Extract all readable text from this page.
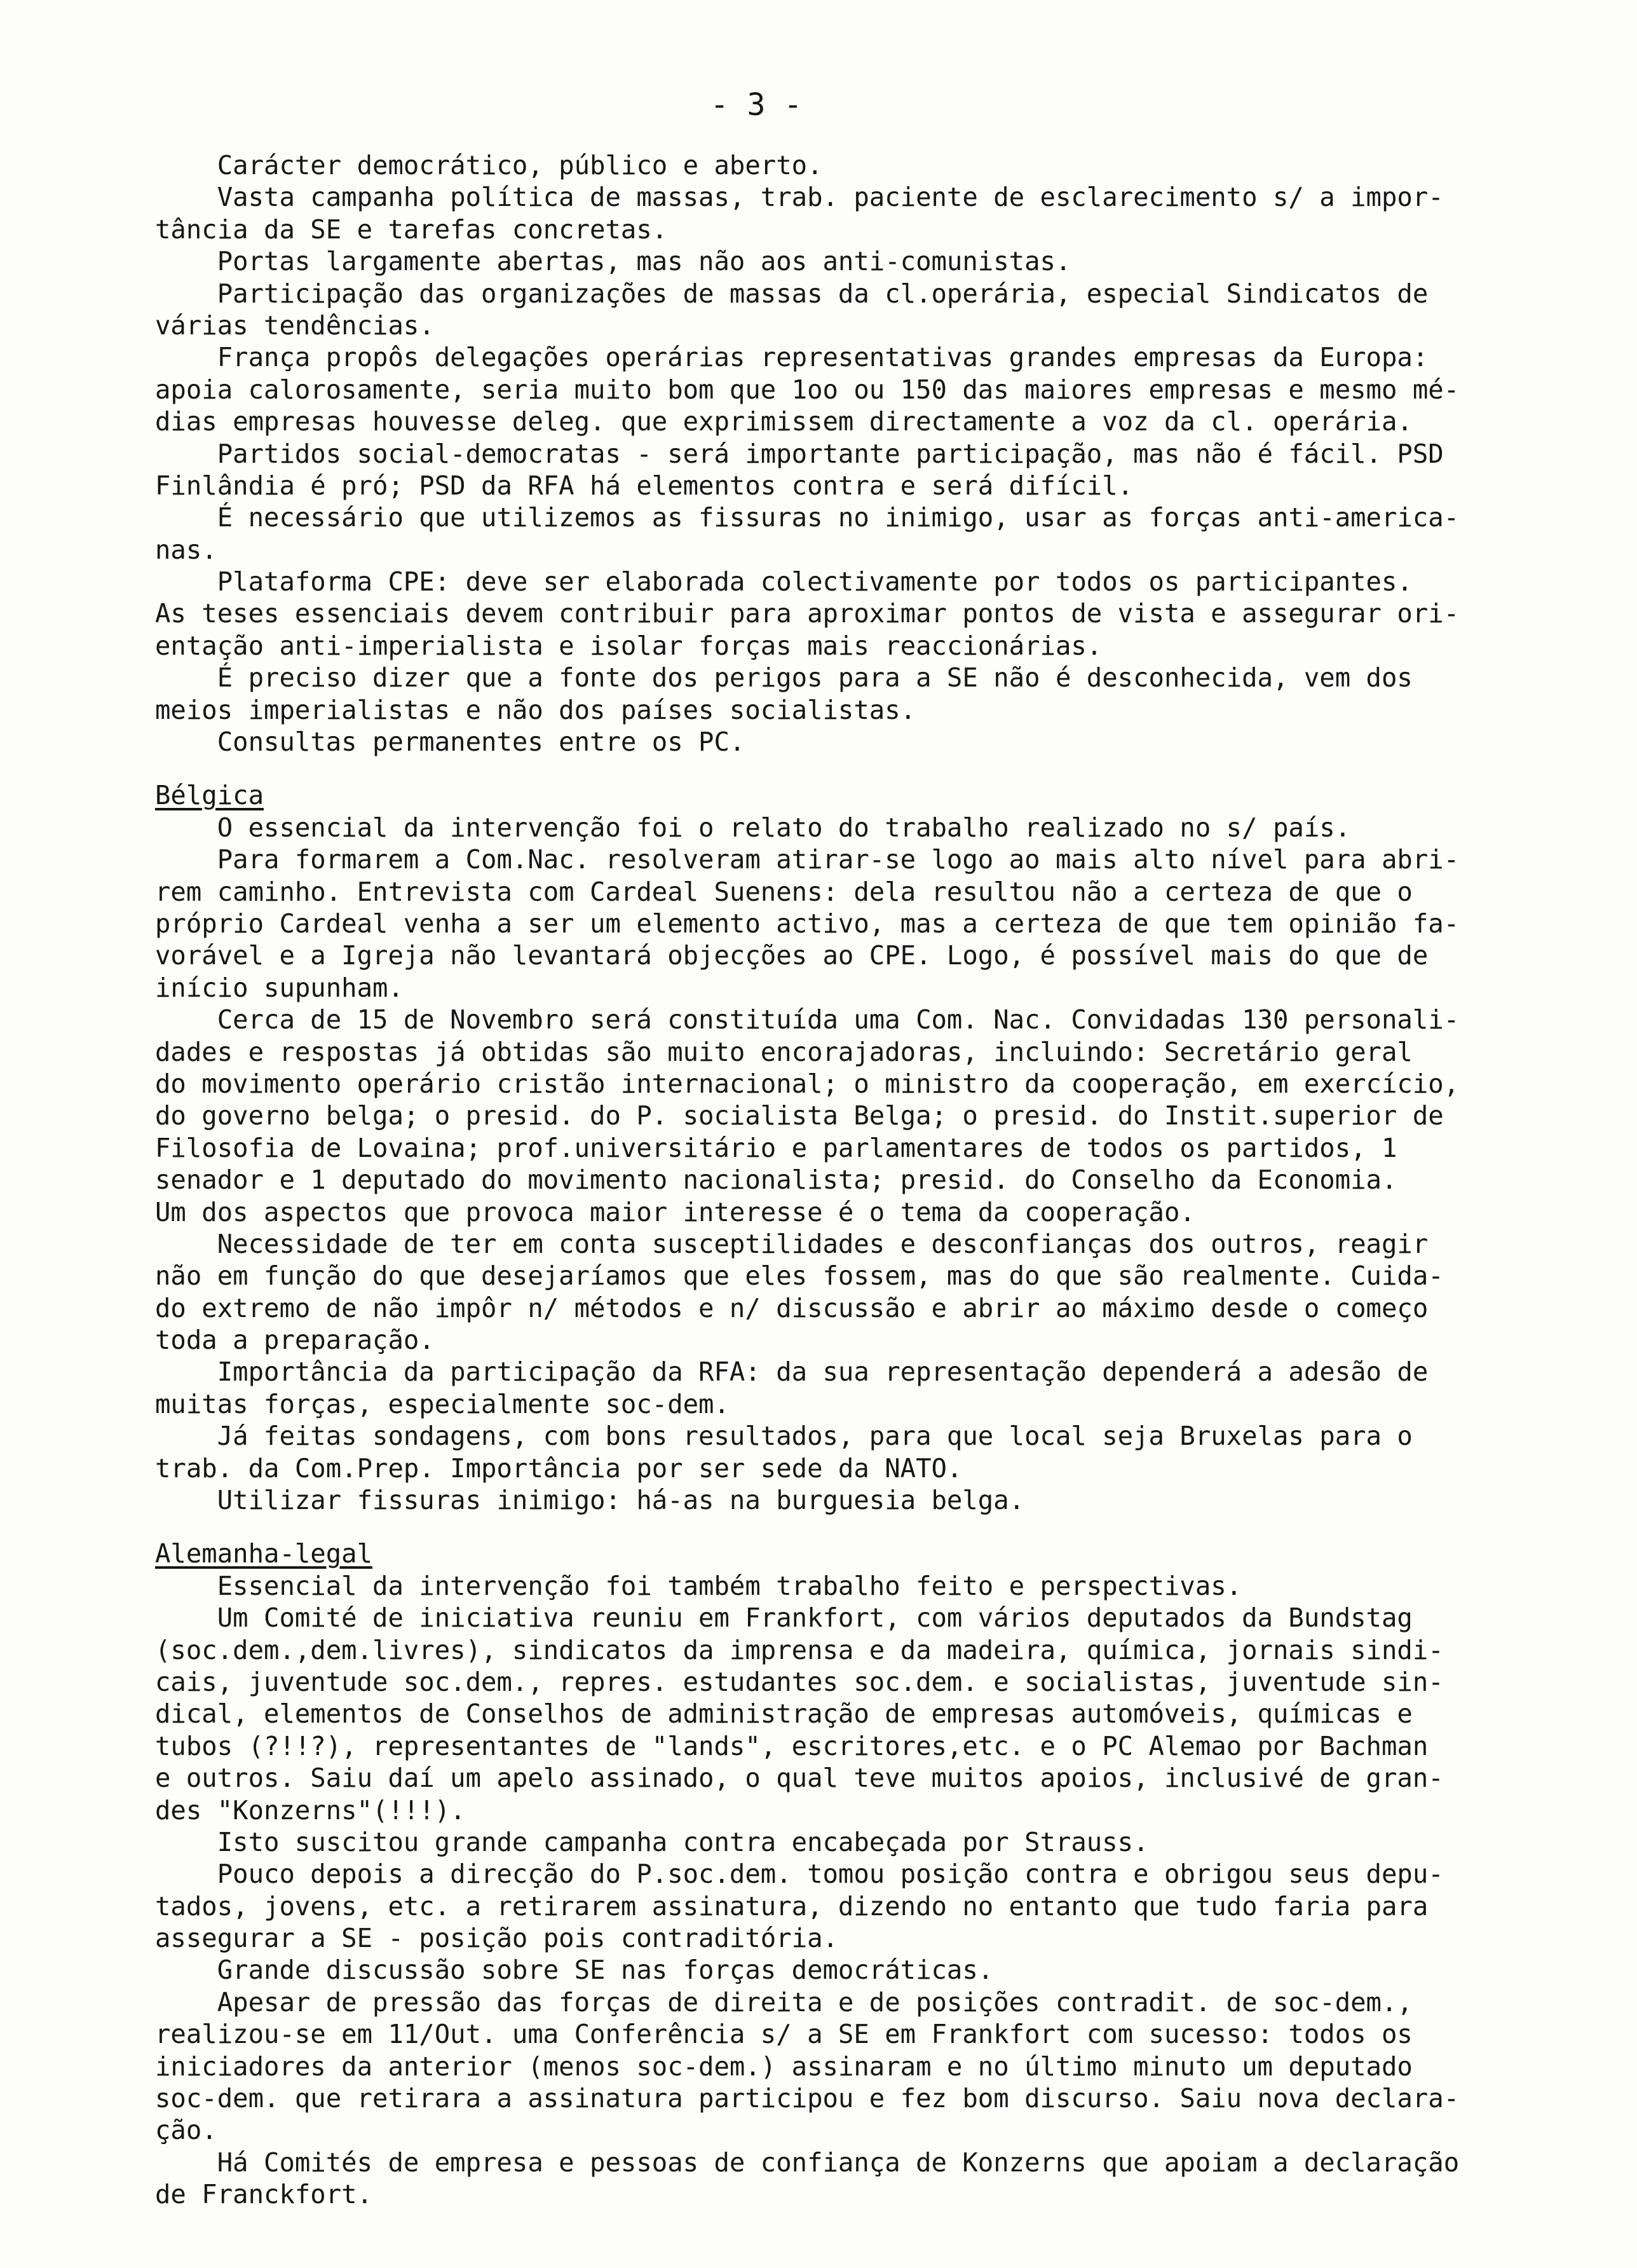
- 3 -
Carácter democrático, público e aberto.
Vasta campanha política de massas, trab. paciente de esclarecimento s/ a impor-
tância da SE e tarefas concretas.
Portas largamente abertas, mas não aos anti-comunistas.
Participação das organizações de massas da cl.operária, especial Sindicatos de
várias tendências.
França propôs delegações operárias representativas grandes empresas da Europa:
apoia calorosamente, seria muito bom que 1oo ou 150 das maiores empresas e mesmo mé-
dias empresas houvesse deleg. que exprimissem directamente a voz da cl. operária.
Partidos social-democratas - será importante participação, mas não é fácil. PSD
Finlândia é pró; PSD da RFA há elementos contra e será difícil.
É necessário que utilizemos as fissuras no inimigo, usar as forças anti-america-
nas.
Plataforma CPE: deve ser elaborada colectivamente por todos os participantes.
As teses essenciais devem contribuir para aproximar pontos de vista e assegurar ori-
entação anti-imperialista e isolar forças mais reaccionárias.
É preciso dizer que a fonte dos perigos para a SE não é desconhecida, vem dos
meios imperialistas e não dos países socialistas.
Consultas permanentes entre os PC.
Bélgica
O essencial da intervenção foi o relato do trabalho realizado no s/ país.
Para formarem a Com.Nac. resolveram atirar-se logo ao mais alto nível para abri-
rem caminho. Entrevista com Cardeal Suenens: dela resultou não a certeza de que o
próprio Cardeal venha a ser um elemento activo, mas a certeza de que tem opinião fa-
vorável e a Igreja não levantará objecções ao CPE. Logo, é possível mais do que de
início supunham.
Cerca de 15 de Novembro será constituída uma Com. Nac. Convidadas 130 personali-
dades e respostas já obtidas são muito encorajadoras, incluindo: Secretário geral
do movimento operário cristão internacional; o ministro da cooperação, em exercício,
do governo belga; o presid. do P. socialista Belga; o presid. do Instit.superior de
Filosofia de Lovaina; prof.universitário e parlamentares de todos os partidos, 1
senador e 1 deputado do movimento nacionalista; presid. do Conselho da Economia.
Um dos aspectos que provoca maior interesse é o tema da cooperação.
Necessidade de ter em conta susceptilidades e desconfianças dos outros, reagir
não em função do que desejaríamos que eles fossem, mas do que são realmente. Cuida-
do extremo de não impôr n/ métodos e n/ discussão e abrir ao máximo desde o começo
toda a preparação.
Importância da participação da RFA: da sua representação dependerá a adesão de
muitas forças, especialmente soc-dem.
Já feitas sondagens, com bons resultados, para que local seja Bruxelas para o
trab. da Com.Prep. Importância por ser sede da NATO.
Utilizar fissuras inimigo: há-as na burguesia belga.
Alemanha-legal
Essencial da intervenção foi também trabalho feito e perspectivas.
Um Comité de iniciativa reuniu em Frankfort, com vários deputados da Bundstag
(soc.dem.,dem.livres), sindicatos da imprensa e da madeira, química, jornais sindi-
cais, juventude soc.dem., repres. estudantes soc.dem. e socialistas, juventude sin-
dical, elementos de Conselhos de administração de empresas automóveis, químicas e
tubos (?!!?), representantes de "lands", escritores,etc. e o PC Alemao por Bachman
e outros. Saiu daí um apelo assinado, o qual teve muitos apoios, inclusivé de gran-
des "Konzerns"(!!!).
Isto suscitou grande campanha contra encabeçada por Strauss.
Pouco depois a direcção do P.soc.dem. tomou posição contra e obrigou seus depu-
tados, jovens, etc. a retirarem assinatura, dizendo no entanto que tudo faria para
assegurar a SE - posição pois contraditória.
Grande discussão sobre SE nas forças democráticas.
Apesar de pressão das forças de direita e de posições contradit. de soc-dem.,
realizou-se em 11/Out. uma Conferência s/ a SE em Frankfort com sucesso: todos os
iniciadores da anterior (menos soc-dem.) assinaram e no último minuto um deputado
soc-dem. que retirara a assinatura participou e fez bom discurso. Saiu nova declara-
ção.
Há Comités de empresa e pessoas de confiança de Konzerns que apoiam a declaração
de Franckfort.
